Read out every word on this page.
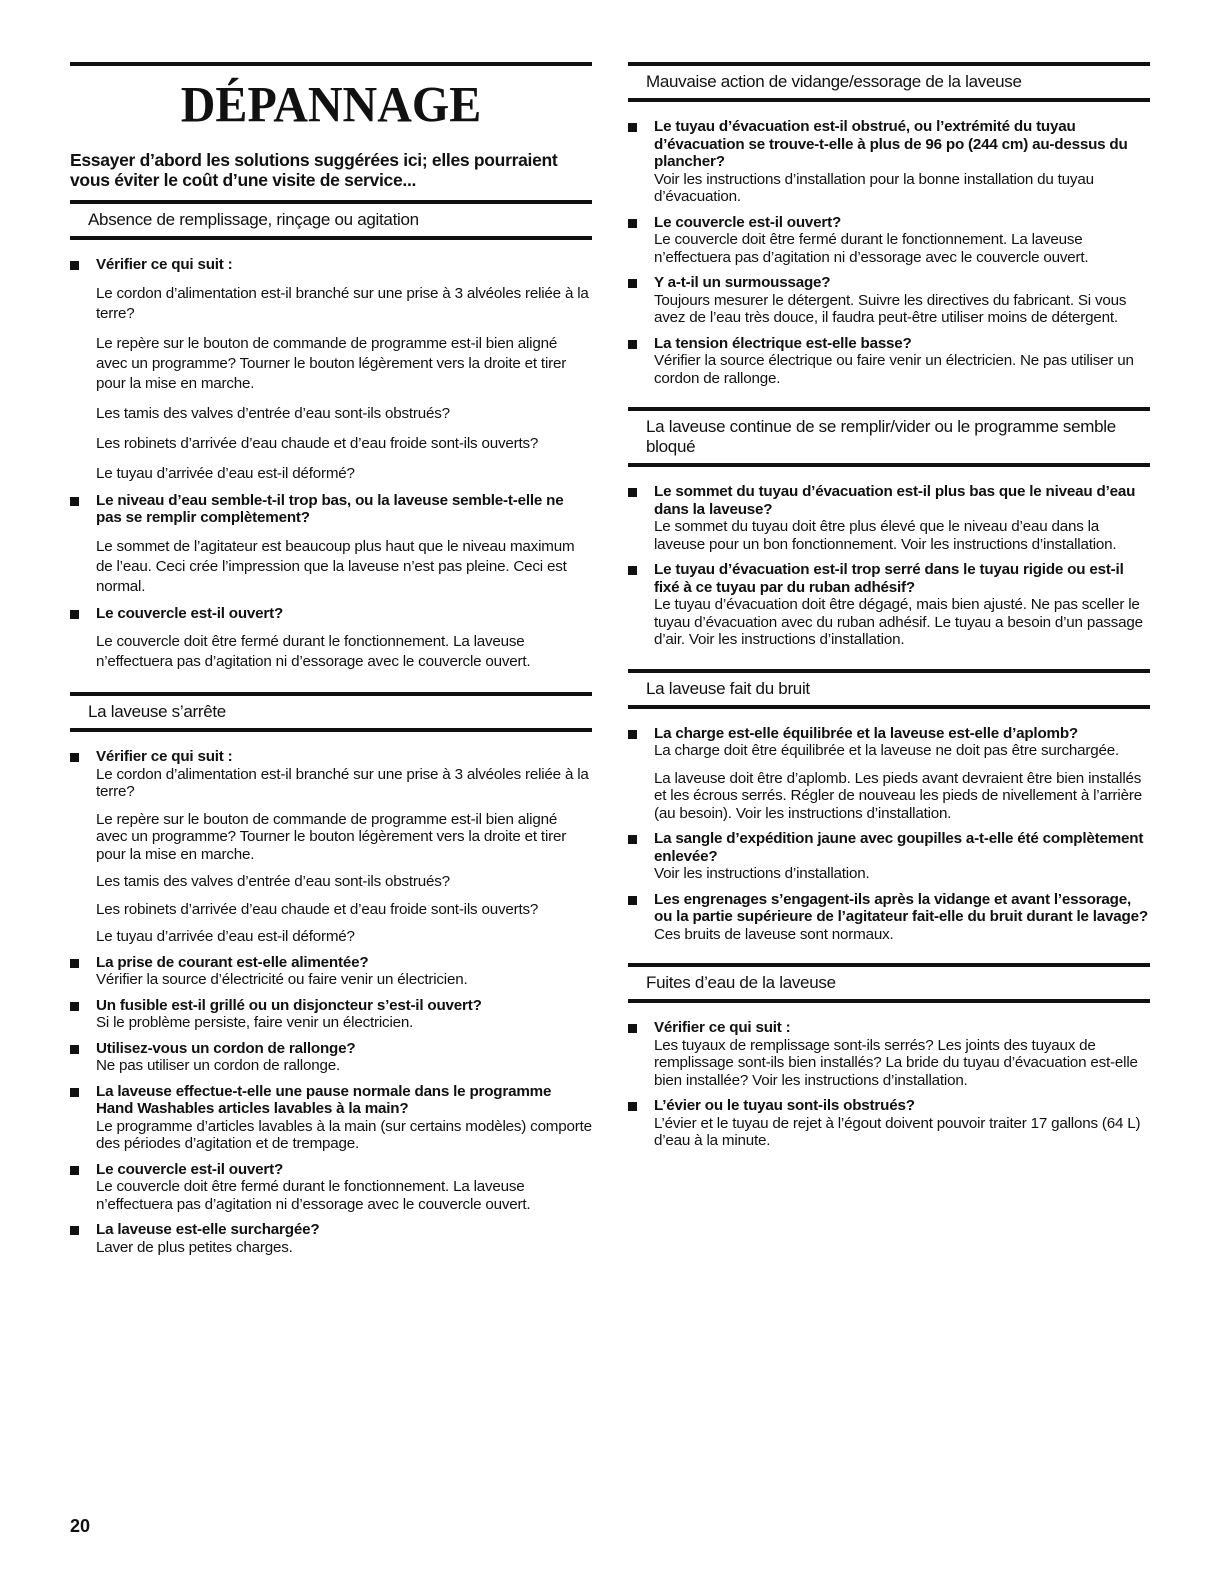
DÉPANNAGE

Essayer d’abord les solutions suggérées ici; elles pourraient vous éviter le coût d’une visite de service...

Absence de remplissage, rinçage ou agitation
Vérifier ce qui suit :
Le cordon d’alimentation est-il branché sur une prise à 3 alvéoles reliée à la terre?
Le repère sur le bouton de commande de programme est-il bien aligné avec un programme? Tourner le bouton légèrement vers la droite et tirer pour la mise en marche.
Les tamis des valves d’entrée d’eau sont-ils obstrués?
Les robinets d’arrivée d’eau chaude et d’eau froide sont-ils ouverts?
Le tuyau d’arrivée d’eau est-il déformé?
Le niveau d’eau semble-t-il trop bas, ou la laveuse semble-t-elle ne pas se remplir complètement?
Le sommet de l’agitateur est beaucoup plus haut que le niveau maximum de l’eau. Ceci crée l’impression que la laveuse n’est pas pleine. Ceci est normal.
Le couvercle est-il ouvert?
Le couvercle doit être fermé durant le fonctionnement. La laveuse n’effectuera pas d’agitation ni d’essorage avec le couvercle ouvert.
La laveuse s’arrête
Vérifier ce qui suit :
Le cordon d’alimentation est-il branché sur une prise à 3 alvéoles reliée à la terre?
Le repère sur le bouton de commande de programme est-il bien aligné avec un programme? Tourner le bouton légèrement vers la droite et tirer pour la mise en marche.
Les tamis des valves d’entrée d’eau sont-ils obstrués?
Les robinets d’arrivée d’eau chaude et d’eau froide sont-ils ouverts?
Le tuyau d’arrivée d’eau est-il déformé?
La prise de courant est-elle alimentée?
Vérifier la source d’électricité ou faire venir un électricien.
Un fusible est-il grillé ou un disjoncteur s’est-il ouvert?
Si le problème persiste, faire venir un électricien.
Utilisez-vous un cordon de rallonge?
Ne pas utiliser un cordon de rallonge.
La laveuse effectue-t-elle une pause normale dans le programme Hand Washables articles lavables à la main?
Le programme d’articles lavables à la main (sur certains modèles) comporte des périodes d’agitation et de trempage.
Le couvercle est-il ouvert?
Le couvercle doit être fermé durant le fonctionnement. La laveuse n’effectuera pas d’agitation ni d’essorage avec le couvercle ouvert.
La laveuse est-elle surchargée?
Laver de plus petites charges.
Mauvaise action de vidange/essorage de la laveuse
Le tuyau d’évacuation est-il obstrué, ou l’extrémité du tuyau d’évacuation se trouve-t-elle à plus de 96 po (244 cm) au-dessus du plancher?
Voir les instructions d’installation pour la bonne installation du tuyau d’évacuation.
Le couvercle est-il ouvert?
Le couvercle doit être fermé durant le fonctionnement. La laveuse n’effectuera pas d’agitation ni d’essorage avec le couvercle ouvert.
Y a-t-il un surmoussage?
Toujours mesurer le détergent. Suivre les directives du fabricant. Si vous avez de l’eau très douce, il faudra peut-être utiliser moins de détergent.
La tension électrique est-elle basse?
Vérifier la source électrique ou faire venir un électricien. Ne pas utiliser un cordon de rallonge.
La laveuse continue de se remplir/vider ou le programme semble bloqué
Le sommet du tuyau d’évacuation est-il plus bas que le niveau d’eau dans la laveuse?
Le sommet du tuyau doit être plus élevé que le niveau d’eau dans la laveuse pour un bon fonctionnement. Voir les instructions d’installation.
Le tuyau d’évacuation est-il trop serré dans le tuyau rigide ou est-il fixé à ce tuyau par du ruban adhésif?
Le tuyau d’évacuation doit être dégagé, mais bien ajusté. Ne pas sceller le tuyau d’évacuation avec du ruban adhésif. Le tuyau a besoin d’un passage d’air. Voir les instructions d’installation.
La laveuse fait du bruit
La charge est-elle équilibrée et la laveuse est-elle d’aplomb?
La charge doit être équilibrée et la laveuse ne doit pas être surchargée.
La laveuse doit être d’aplomb. Les pieds avant devraient être bien installés et les écrous serrés. Régler de nouveau les pieds de nivellement à l’arrière (au besoin). Voir les instructions d’installation.
La sangle d’expédition jaune avec goupilles a-t-elle été complètement enlevée?
Voir les instructions d’installation.
Les engrenages s’engagent-ils après la vidange et avant l’essorage, ou la partie supérieure de l’agitateur fait-elle du bruit durant le lavage?
Ces bruits de laveuse sont normaux.
Fuites d’eau de la laveuse
Vérifier ce qui suit :
Les tuyaux de remplissage sont-ils serrés? Les joints des tuyaux de remplissage sont-ils bien installés? La bride du tuyau d’évacuation est-elle bien installée? Voir les instructions d’installation.
L’évier ou le tuyau sont-ils obstrués?
L’évier et le tuyau de rejet à l’égout doivent pouvoir traiter 17 gallons (64 L) d’eau à la minute.
20
